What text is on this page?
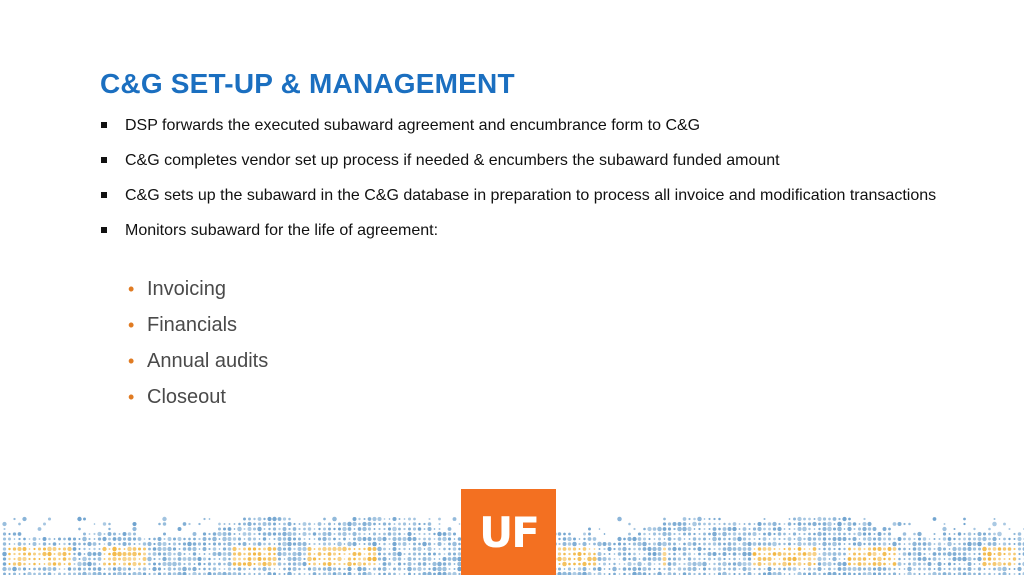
C&G SET-UP & MANAGEMENT
DSP forwards the executed subaward agreement and encumbrance form to C&G
C&G completes vendor set up process if needed & encumbers the subaward funded amount
C&G sets up the subaward in the C&G database in preparation to process all invoice and modification transactions
Monitors subaward for the life of agreement:
• Invoicing
• Financials
• Annual audits
• Closeout
UF
